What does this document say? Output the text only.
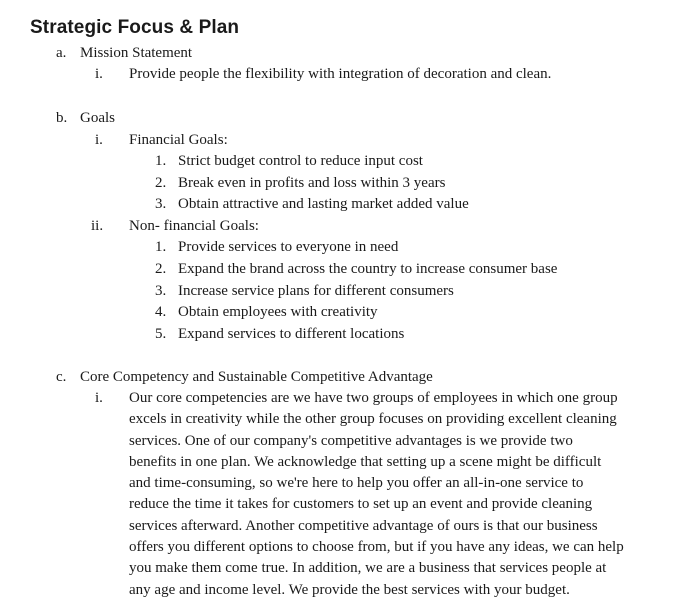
Strategic Focus & Plan
a. Mission Statement
i. Provide people the flexibility with integration of decoration and clean.
b. Goals
i. Financial Goals:
1. Strict budget control to reduce input cost
2. Break even in profits and loss within 3 years
3. Obtain attractive and lasting market added value
ii. Non- financial Goals:
1. Provide services to everyone in need
2. Expand the brand across the country to increase consumer base
3. Increase service plans for different consumers
4. Obtain employees with creativity
5. Expand services to different locations
c. Core Competency and Sustainable Competitive Advantage
i. Our core competencies are we have two groups of employees in which one group
excels in creativity while the other group focuses on providing excellent cleaning
services. One of our company's competitive advantages is we provide two
benefits in one plan. We acknowledge that setting up a scene might be difficult
and time-consuming, so we're here to help you offer an all-in-one service to
reduce the time it takes for customers to set up an event and provide cleaning
services afterward. Another competitive advantage of ours is that our business
offers you different options to choose from, but if you have any ideas, we can help
you make them come true. In addition, we are a business that services people at
any age and income level. We provide the best services with your budget.
